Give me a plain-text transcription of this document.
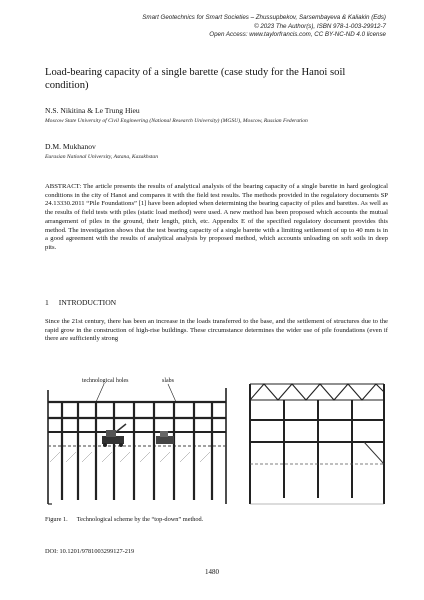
Smart Geotechnics for Smart Societies – Zhussupbekov, Sarsembayeva & Kaliakin (Eds)
© 2023 The Author(s), ISBN 978-1-003-29912-7
Open Access: www.taylorfrancis.com, CC BY-NC-ND 4.0 license
Load-bearing capacity of a single barette (case study for the Hanoi soil condition)
N.S. Nikitina & Le Trung Hieu
Moscow State University of Civil Engineering (National Research University) (MGSU), Moscow, Russian Federation
D.M. Mukhanov
Eurasian National University, Astana, Kazakhstan
ABSTRACT: The article presents the results of analytical analysis of the bearing capacity of a single barette in hard geological conditions in the city of Hanoi and compares it with the field test results. The methods provided in the regulatory documents SP 24.13330.2011 “Pile Foundations” [1] have been adopted when determining the bearing capacity of piles and barettes. As well as the results of field tests with piles (static load method) were used. A new method has been proposed which accounts the mutual arrangement of piles in the ground, their length, pitch, etc. Appendix E of the specified regulatory document provides this method. The investigation shows that the test bearing capacity of a single barette with a limiting settlement of up to 40 mm is in a good agreement with the results of analytical analysis by proposed method, which accounts unloading on soft soils in deep pits.
1 INTRODUCTION
Since the 21st century, there has been an increase in the loads transferred to the base, and the settlement of structures due to the rapid grow in the construction of high-rise buildings. These circumstance determines the wider use of pile foundations (even if there are sufficiently strong
technological holes	slabs
Figure 1. Technological scheme by the “top-down” method.
DOI: 10.1201/9781003299127-219
1480
